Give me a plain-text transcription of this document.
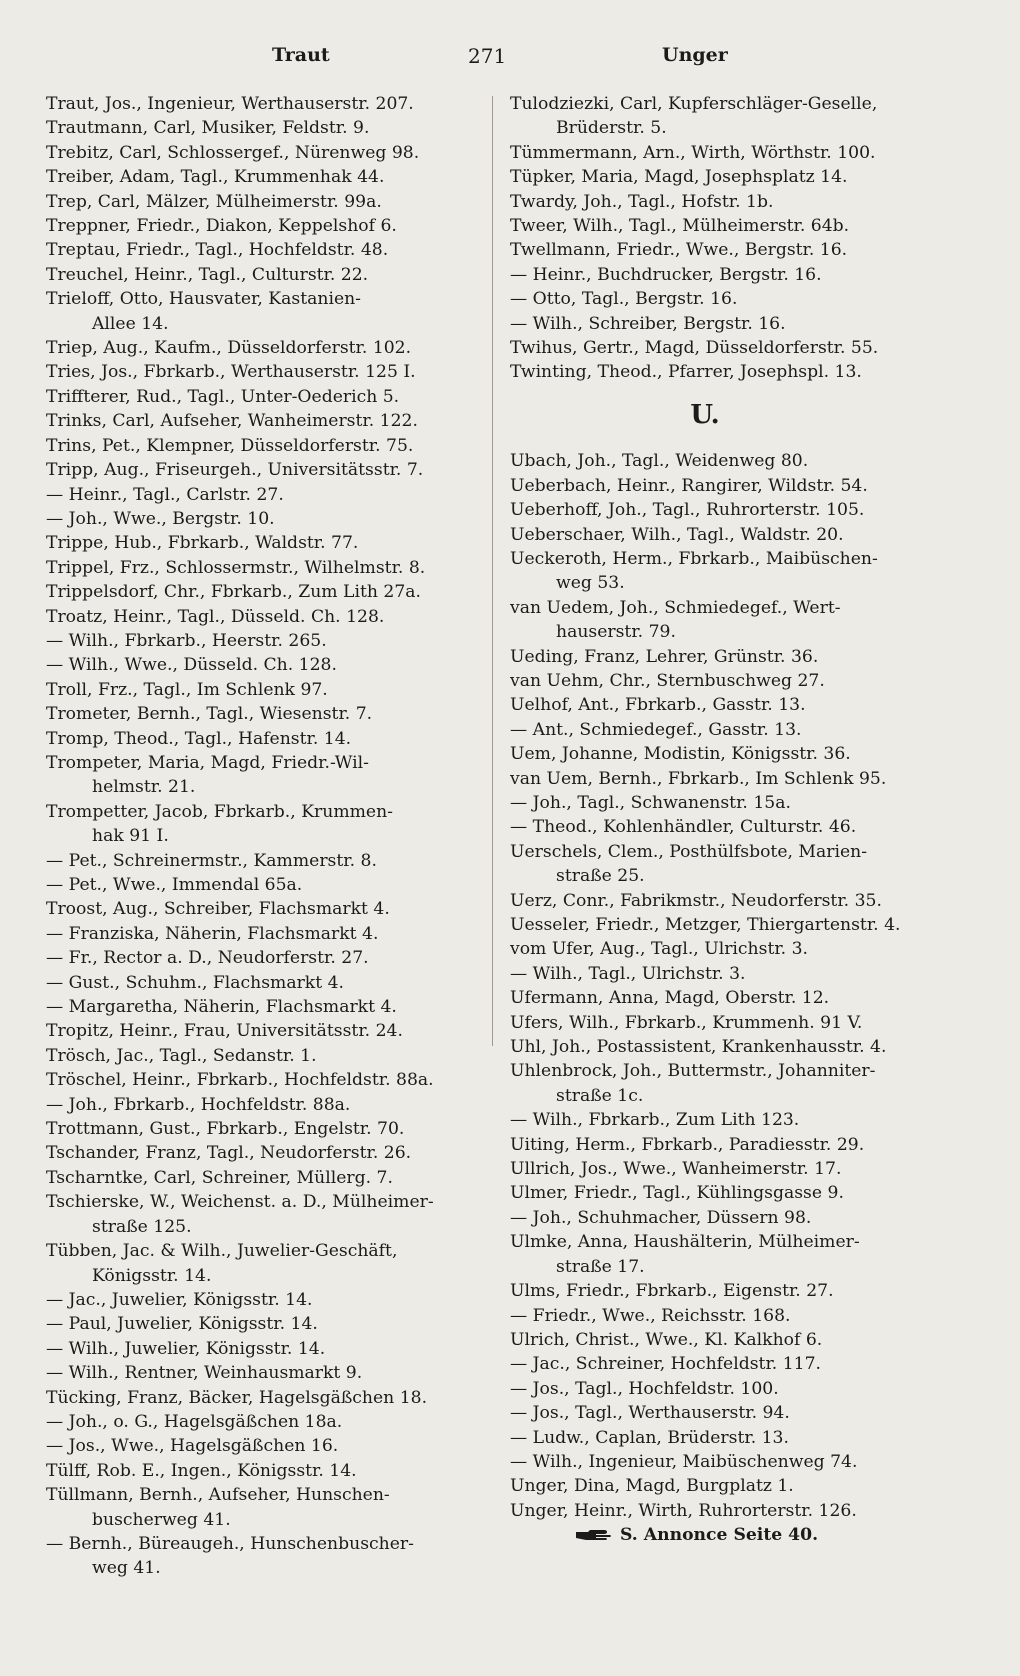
Traut	271	Unger
Traut, Jos., Ingenieur, Werthauserstr. 207.
Trautmann, Carl, Musiker, Feldstr. 9.
Trebitz, Carl, Schlossergef., Nürenweg 98.
Treiber, Adam, Tagl., Krummenhak 44.
Trep, Carl, Mälzer, Mülheimerstr. 99a.
Treppner, Friedr., Diakon, Keppelshof 6.
Treptau, Friedr., Tagl., Hochfeldstr. 48.
Treuchel, Heinr., Tagl., Culturstr. 22.
Trieloff, Otto, Hausvater, Kastanien-
Allee 14.
Triep, Aug., Kaufm., Düsseldorferstr. 102.
Tries, Jos., Fbrkarb., Werthauserstr. 125 I.
Triffterer, Rud., Tagl., Unter-Oederich 5.
Trinks, Carl, Aufseher, Wanheimerstr. 122.
Trins, Pet., Klempner, Düsseldorferstr. 75.
Tripp, Aug., Friseurgeh., Universitätsstr. 7.
— Heinr., Tagl., Carlstr. 27.
— Joh., Wwe., Bergstr. 10.
Trippe, Hub., Fbrkarb., Waldstr. 77.
Trippel, Frz., Schlossermstr., Wilhelmstr. 8.
Trippelsdorf, Chr., Fbrkarb., Zum Lith 27a.
Troatz, Heinr., Tagl., Düsseld. Ch. 128.
— Wilh., Fbrkarb., Heerstr. 265.
— Wilh., Wwe., Düsseld. Ch. 128.
Troll, Frz., Tagl., Im Schlenk 97.
Trometer, Bernh., Tagl., Wiesenstr. 7.
Tromp, Theod., Tagl., Hafenstr. 14.
Trompeter, Maria, Magd, Friedr.-Wil-
helmstr. 21.
Trompetter, Jacob, Fbrkarb., Krummen-
hak 91 I.
— Pet., Schreinermstr., Kammerstr. 8.
— Pet., Wwe., Immendal 65a.
Troost, Aug., Schreiber, Flachsmarkt 4.
— Franziska, Näherin, Flachsmarkt 4.
— Fr., Rector a. D., Neudorferstr. 27.
— Gust., Schuhm., Flachsmarkt 4.
— Margaretha, Näherin, Flachsmarkt 4.
Tropitz, Heinr., Frau, Universitätsstr. 24.
Trösch, Jac., Tagl., Sedanstr. 1.
Tröschel, Heinr., Fbrkarb., Hochfeldstr. 88a.
— Joh., Fbrkarb., Hochfeldstr. 88a.
Trottmann, Gust., Fbrkarb., Engelstr. 70.
Tschander, Franz, Tagl., Neudorferstr. 26.
Tscharntke, Carl, Schreiner, Müllerg. 7.
Tschierske, W., Weichenst. a. D., Mülheimer-
straße 125.
Tübben, Jac. & Wilh., Juwelier-Geschäft,
Königsstr. 14.
— Jac., Juwelier, Königsstr. 14.
— Paul, Juwelier, Königsstr. 14.
— Wilh., Juwelier, Königsstr. 14.
— Wilh., Rentner, Weinhausmarkt 9.
Tücking, Franz, Bäcker, Hagelsgäßchen 18.
— Joh., o. G., Hagelsgäßchen 18a.
— Jos., Wwe., Hagelsgäßchen 16.
Tülff, Rob. E., Ingen., Königsstr. 14.
Tüllmann, Bernh., Aufseher, Hunschen-
buscherweg 41.
— Bernh., Büreaugeh., Hunschenbuscher-
weg 41.
Tulodziezki, Carl, Kupferschläger-Geselle,
Brüderstr. 5.
Tümmermann, Arn., Wirth, Wörthstr. 100.
Tüpker, Maria, Magd, Josephsplatz 14.
Twardy, Joh., Tagl., Hofstr. 1b.
Tweer, Wilh., Tagl., Mülheimerstr. 64b.
Twellmann, Friedr., Wwe., Bergstr. 16.
— Heinr., Buchdrucker, Bergstr. 16.
— Otto, Tagl., Bergstr. 16.
— Wilh., Schreiber, Bergstr. 16.
Twihus, Gertr., Magd, Düsseldorferstr. 55.
Twinting, Theod., Pfarrer, Josephspl. 13.
U.
Ubach, Joh., Tagl., Weidenweg 80.
Ueberbach, Heinr., Rangirer, Wildstr. 54.
Ueberhoff, Joh., Tagl., Ruhrorterstr. 105.
Ueberschaer, Wilh., Tagl., Waldstr. 20.
Ueckeroth, Herm., Fbrkarb., Maibüschen-
weg 53.
van Uedem, Joh., Schmiedegef., Wert-
hauserstr. 79.
Ueding, Franz, Lehrer, Grünstr. 36.
van Uehm, Chr., Sternbuschweg 27.
Uelhof, Ant., Fbrkarb., Gasstr. 13.
— Ant., Schmiedegef., Gasstr. 13.
Uem, Johanne, Modistin, Königsstr. 36.
van Uem, Bernh., Fbrkarb., Im Schlenk 95.
— Joh., Tagl., Schwanenstr. 15a.
— Theod., Kohlenhändler, Culturstr. 46.
Uerschels, Clem., Posthülfsbote, Marien-
straße 25.
Uerz, Conr., Fabrikmstr., Neudorferstr. 35.
Uesseler, Friedr., Metzger, Thiergartenstr. 4.
vom Ufer, Aug., Tagl., Ulrichstr. 3.
— Wilh., Tagl., Ulrichstr. 3.
Ufermann, Anna, Magd, Oberstr. 12.
Ufers, Wilh., Fbrkarb., Krummenh. 91 V.
Uhl, Joh., Postassistent, Krankenhausstr. 4.
Uhlenbrock, Joh., Buttermstr., Johanniter-
straße 1c.
— Wilh., Fbrkarb., Zum Lith 123.
Uiting, Herm., Fbrkarb., Paradiesstr. 29.
Ullrich, Jos., Wwe., Wanheimerstr. 17.
Ulmer, Friedr., Tagl., Kühlingsgasse 9.
— Joh., Schuhmacher, Düssern 98.
Ulmke, Anna, Haushälterin, Mülheimer-
straße 17.
Ulms, Friedr., Fbrkarb., Eigenstr. 27.
— Friedr., Wwe., Reichsstr. 168.
Ulrich, Christ., Wwe., Kl. Kalkhof 6.
— Jac., Schreiner, Hochfeldstr. 117.
— Jos., Tagl., Hochfeldstr. 100.
— Jos., Tagl., Werthauserstr. 94.
— Ludw., Caplan, Brüderstr. 13.
— Wilh., Ingenieur, Maibüschenweg 74.
Unger, Dina, Magd, Burgplatz 1.
Unger, Heinr., Wirth, Ruhrorterstr. 126.
S. Annonce Seite 40.
